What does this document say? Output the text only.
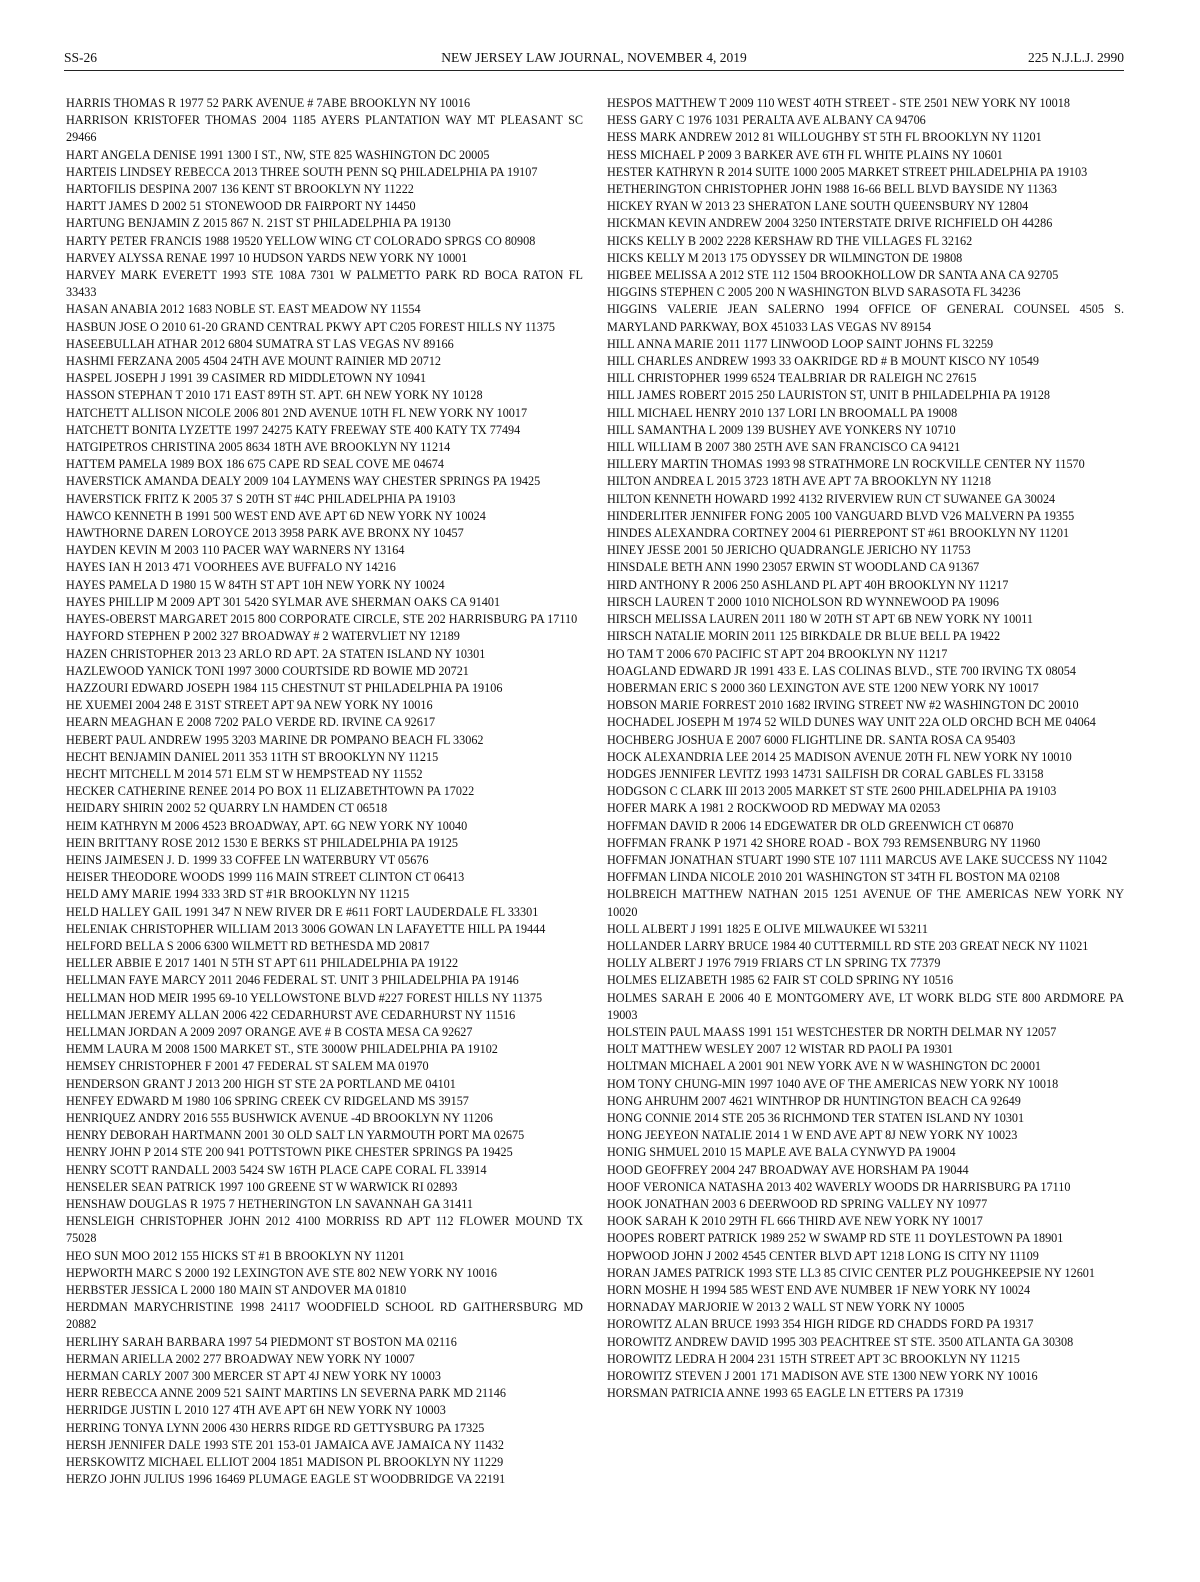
SS-26	NEW JERSEY LAW JOURNAL, NOVEMBER 4, 2019	225 N.J.L.J. 2990

HARRIS THOMAS R 1977 52 PARK AVENUE # 7ABE BROOKLYN NY 10016

HARRISON KRISTOFER THOMAS 2004 1185 AYERS PLANTATION WAY MT PLEASANT SC 29466

HART ANGELA DENISE 1991 1300 I ST., NW, STE 825 WASHINGTON DC 20005

HARTEIS LINDSEY REBECCA 2013 THREE SOUTH PENN SQ PHILADELPHIA PA 19107

HARTOFILIS DESPINA 2007 136 KENT ST BROOKLYN NY 11222

HARTT JAMES D 2002 51 STONEWOOD DR FAIRPORT NY 14450

HARTUNG BENJAMIN Z 2015 867 N. 21ST ST PHILADELPHIA PA 19130

HARTY PETER FRANCIS 1988 19520 YELLOW WING CT COLORADO SPRGS CO 80908

HARVEY ALYSSA RENAE 1997 10 HUDSON YARDS NEW YORK NY 10001

HARVEY MARK EVERETT 1993 STE 108A 7301 W PALMETTO PARK RD BOCA RATON FL 33433

HASAN ANABIA 2012 1683 NOBLE ST. EAST MEADOW NY 11554

HASBUN JOSE O 2010 61-20 GRAND CENTRAL PKWY APT C205 FOREST HILLS NY 11375

HASEEBULLAH ATHAR 2012 6804 SUMATRA ST LAS VEGAS NV 89166

HASHMI FERZANA 2005 4504 24TH AVE MOUNT RAINIER MD 20712

HASPEL JOSEPH J 1991 39 CASIMER RD MIDDLETOWN NY 10941

HASSON STEPHAN T 2010 171 EAST 89TH ST. APT. 6H NEW YORK NY 10128

HATCHETT ALLISON NICOLE 2006 801 2ND AVENUE 10TH FL NEW YORK NY 10017

HATCHETT BONITA LYZETTE 1997 24275 KATY FREEWAY STE 400 KATY TX 77494

HATGIPETROS CHRISTINA 2005 8634 18TH AVE BROOKLYN NY 11214

HATTEM PAMELA 1989 BOX 186 675 CAPE RD SEAL COVE ME 04674

HAVERSTICK AMANDA DEALY 2009 104 LAYMENS WAY CHESTER SPRINGS PA 19425

HAVERSTICK FRITZ K 2005 37 S 20TH ST #4C PHILADELPHIA PA 19103

HAWCO KENNETH B 1991 500 WEST END AVE APT 6D NEW YORK NY 10024

HAWTHORNE DAREN LOROYCE 2013 3958 PARK AVE BRONX NY 10457

HAYDEN KEVIN M 2003 110 PACER WAY WARNERS NY 13164

HAYES IAN H 2013 471 VOORHEES AVE BUFFALO NY 14216

HAYES PAMELA D 1980 15 W 84TH ST APT 10H NEW YORK NY 10024

HAYES PHILLIP M 2009 APT 301 5420 SYLMAR AVE SHERMAN OAKS CA 91401

HAYES-OBERST MARGARET 2015 800 CORPORATE CIRCLE, STE 202 HARRISBURG PA 17110

HAYFORD STEPHEN P 2002 327 BROADWAY # 2 WATERVLIET NY 12189

HAZEN CHRISTOPHER 2013 23 ARLO RD APT. 2A STATEN ISLAND NY 10301

HAZLEWOOD YANICK TONI 1997 3000 COURTSIDE RD BOWIE MD 20721

HAZZOURI EDWARD JOSEPH 1984 115 CHESTNUT ST PHILADELPHIA PA 19106

HE XUEMEI 2004 248 E 31ST STREET APT 9A NEW YORK NY 10016

HEARN MEAGHAN E 2008 7202 PALO VERDE RD. IRVINE CA 92617

HEBERT PAUL ANDREW 1995 3203 MARINE DR POMPANO BEACH FL 33062

HECHT BENJAMIN DANIEL 2011 353 11TH ST BROOKLYN NY 11215

HECHT MITCHELL M 2014 571 ELM ST W HEMPSTEAD NY 11552

HECKER CATHERINE RENEE 2014 PO BOX 11 ELIZABETHTOWN PA 17022

HEIDARY SHIRIN 2002 52 QUARRY LN HAMDEN CT 06518

HEIM KATHRYN M 2006 4523 BROADWAY, APT. 6G NEW YORK NY 10040

HEIN BRITTANY ROSE 2012 1530 E BERKS ST PHILADELPHIA PA 19125

HEINS JAIMESEN J. D. 1999 33 COFFEE LN WATERBURY VT 05676

HEISER THEODORE WOODS 1999 116 MAIN STREET CLINTON CT 06413

HELD AMY MARIE 1994 333 3RD ST #1R BROOKLYN NY 11215

HELD HALLEY GAIL 1991 347 N NEW RIVER DR E #611 FORT LAUDERDALE FL 33301

HELENIAK CHRISTOPHER WILLIAM 2013 3006 GOWAN LN LAFAYETTE HILL PA 19444

HELFORD BELLA S 2006 6300 WILMETT RD BETHESDA MD 20817

HELLER ABBIE E 2017 1401 N 5TH ST APT 611 PHILADELPHIA PA 19122

HELLMAN FAYE MARCY 2011 2046 FEDERAL ST. UNIT 3 PHILADELPHIA PA 19146

HELLMAN HOD MEIR 1995 69-10 YELLOWSTONE BLVD #227 FOREST HILLS NY 11375

HELLMAN JEREMY ALLAN 2006 422 CEDARHURST AVE CEDARHURST NY 11516

HELLMAN JORDAN A 2009 2097 ORANGE AVE # B COSTA MESA CA 92627

HEMM LAURA M 2008 1500 MARKET ST., STE 3000W PHILADELPHIA PA 19102

HEMSEY CHRISTOPHER F 2001 47 FEDERAL ST SALEM MA 01970

HENDERSON GRANT J 2013 200 HIGH ST STE 2A PORTLAND ME 04101

HENFEY EDWARD M 1980 106 SPRING CREEK CV RIDGELAND MS 39157

HENRIQUEZ ANDRY 2016 555 BUSHWICK AVENUE -4D BROOKLYN NY 11206

HENRY DEBORAH HARTMANN 2001 30 OLD SALT LN YARMOUTH PORT MA 02675

HENRY JOHN P 2014 STE 200 941 POTTSTOWN PIKE CHESTER SPRINGS PA 19425

HENRY SCOTT RANDALL 2003 5424 SW 16TH PLACE CAPE CORAL FL 33914

HENSELER SEAN PATRICK 1997 100 GREENE ST W WARWICK RI 02893

HENSHAW DOUGLAS R 1975 7 HETHERINGTON LN SAVANNAH GA 31411

HENSLEIGH CHRISTOPHER JOHN 2012 4100 MORRISS RD APT 112 FLOWER MOUND TX 75028

HEO SUN MOO 2012 155 HICKS ST #1 B BROOKLYN NY 11201

HEPWORTH MARC S 2000 192 LEXINGTON AVE STE 802 NEW YORK NY 10016

HERBSTER JESSICA L 2000 180 MAIN ST ANDOVER MA 01810

HERDMAN MARYCHRISTINE 1998 24117 WOODFIELD SCHOOL RD GAITHERSBURG MD 20882

HERLIHY SARAH BARBARA 1997 54 PIEDMONT ST BOSTON MA 02116

HERMAN ARIELLA 2002 277 BROADWAY NEW YORK NY 10007

HERMAN CARLY 2007 300 MERCER ST APT 4J NEW YORK NY 10003

HERR REBECCA ANNE 2009 521 SAINT MARTINS LN SEVERNA PARK MD 21146

HERRIDGE JUSTIN L 2010 127 4TH AVE APT 6H NEW YORK NY 10003

HERRING TONYA LYNN 2006 430 HERRS RIDGE RD GETTYSBURG PA 17325

HERSH JENNIFER DALE 1993 STE 201 153-01 JAMAICA AVE JAMAICA NY 11432

HERSKOWITZ MICHAEL ELLIOT 2004 1851 MADISON PL BROOKLYN NY 11229

HERZO JOHN JULIUS 1996 16469 PLUMAGE EAGLE ST WOODBRIDGE VA 22191

HESPOS MATTHEW T 2009 110 WEST 40TH STREET - STE 2501 NEW YORK NY 10018

HESS GARY C 1976 1031 PERALTA AVE ALBANY CA 94706

HESS MARK ANDREW 2012 81 WILLOUGHBY ST 5TH FL BROOKLYN NY 11201

HESS MICHAEL P 2009 3 BARKER AVE 6TH FL WHITE PLAINS NY 10601

HESTER KATHRYN R 2014 SUITE 1000 2005 MARKET STREET PHILADELPHIA PA 19103

HETHERINGTON CHRISTOPHER JOHN 1988 16-66 BELL BLVD BAYSIDE NY 11363

HICKEY RYAN W 2013 23 SHERATON LANE SOUTH QUEENSBURY NY 12804

HICKMAN KEVIN ANDREW 2004 3250 INTERSTATE DRIVE RICHFIELD OH 44286

HICKS KELLY B 2002 2228 KERSHAW RD THE VILLAGES FL 32162

HICKS KELLY M 2013 175 ODYSSEY DR WILMINGTON DE 19808

HIGBEE MELISSA A 2012 STE 112 1504 BROOKHOLLOW DR SANTA ANA CA 92705

HIGGINS STEPHEN C 2005 200 N WASHINGTON BLVD SARASOTA FL 34236

HIGGINS VALERIE JEAN SALERNO 1994 OFFICE OF GENERAL COUNSEL 4505 S. MARYLAND PARKWAY, BOX 451033 LAS VEGAS NV 89154

HILL ANNA MARIE 2011 1177 LINWOOD LOOP SAINT JOHNS FL 32259

HILL CHARLES ANDREW 1993 33 OAKRIDGE RD # B MOUNT KISCO NY 10549

HILL CHRISTOPHER 1999 6524 TEALBRIAR DR RALEIGH NC 27615

HILL JAMES ROBERT 2015 250 LAURISTON ST, UNIT B PHILADELPHIA PA 19128

HILL MICHAEL HENRY 2010 137 LORI LN BROOMALL PA 19008

HILL SAMANTHA L 2009 139 BUSHEY AVE YONKERS NY 10710

HILL WILLIAM B 2007 380 25TH AVE SAN FRANCISCO CA 94121

HILLERY MARTIN THOMAS 1993 98 STRATHMORE LN ROCKVILLE CENTER NY 11570

HILTON ANDREA L 2015 3723 18TH AVE APT 7A BROOKLYN NY 11218

HILTON KENNETH HOWARD 1992 4132 RIVERVIEW RUN CT SUWANEE GA 30024

HINDERLITER JENNIFER FONG 2005 100 VANGUARD BLVD V26 MALVERN PA 19355

HINDES ALEXANDRA CORTNEY 2004 61 PIERREPONT ST #61 BROOKLYN NY 11201

HINEY JESSE 2001 50 JERICHO QUADRANGLE JERICHO NY 11753

HINSDALE BETH ANN 1990 23057 ERWIN ST WOODLAND CA 91367

HIRD ANTHONY R 2006 250 ASHLAND PL APT 40H BROOKLYN NY 11217

HIRSCH LAUREN T 2000 1010 NICHOLSON RD WYNNEWOOD PA 19096

HIRSCH MELISSA LAUREN 2011 180 W 20TH ST APT 6B NEW YORK NY 10011

HIRSCH NATALIE MORIN 2011 125 BIRKDALE DR BLUE BELL PA 19422

HO TAM T 2006 670 PACIFIC ST APT 204 BROOKLYN NY 11217

HOAGLAND EDWARD JR 1991 433 E. LAS COLINAS BLVD., STE 700 IRVING TX 08054

HOBERMAN ERIC S 2000 360 LEXINGTON AVE STE 1200 NEW YORK NY 10017

HOBSON MARIE FORREST 2010 1682 IRVING STREET NW #2 WASHINGTON DC 20010

HOCHADEL JOSEPH M 1974 52 WILD DUNES WAY UNIT 22A OLD ORCHD BCH ME 04064

HOCHBERG JOSHUA E 2007 6000 FLIGHTLINE DR. SANTA ROSA CA 95403

HOCK ALEXANDRIA LEE 2014 25 MADISON AVENUE 20TH FL NEW YORK NY 10010

HODGES JENNIFER LEVITZ 1993 14731 SAILFISH DR CORAL GABLES FL 33158

HODGSON C CLARK III 2013 2005 MARKET ST STE 2600 PHILADELPHIA PA 19103

HOFER MARK A 1981 2 ROCKWOOD RD MEDWAY MA 02053

HOFFMAN DAVID R 2006 14 EDGEWATER DR OLD GREENWICH CT 06870

HOFFMAN FRANK P 1971 42 SHORE ROAD - BOX 793 REMSENBURG NY 11960

HOFFMAN JONATHAN STUART 1990 STE 107 1111 MARCUS AVE LAKE SUCCESS NY 11042

HOFFMAN LINDA NICOLE 2010 201 WASHINGTON ST 34TH FL BOSTON MA 02108

HOLBREICH MATTHEW NATHAN 2015 1251 AVENUE OF THE AMERICAS NEW YORK NY 10020

HOLL ALBERT J 1991 1825 E OLIVE MILWAUKEE WI 53211

HOLLANDER LARRY BRUCE 1984 40 CUTTERMILL RD STE 203 GREAT NECK NY 11021

HOLLY ALBERT J 1976 7919 FRIARS CT LN SPRING TX 77379

HOLMES ELIZABETH 1985 62 FAIR ST COLD SPRING NY 10516

HOLMES SARAH E 2006 40 E MONTGOMERY AVE, LT WORK BLDG STE 800 ARDMORE PA 19003

HOLSTEIN PAUL MAASS 1991 151 WESTCHESTER DR NORTH DELMAR NY 12057

HOLT MATTHEW WESLEY 2007 12 WISTAR RD PAOLI PA 19301

HOLTMAN MICHAEL A 2001 901 NEW YORK AVE N W WASHINGTON DC 20001

HOM TONY CHUNG-MIN 1997 1040 AVE OF THE AMERICAS NEW YORK NY 10018

HONG AHRUHM 2007 4621 WINTHROP DR HUNTINGTON BEACH CA 92649

HONG CONNIE 2014 STE 205 36 RICHMOND TER STATEN ISLAND NY 10301

HONG JEEYEON NATALIE 2014 1 W END AVE APT 8J NEW YORK NY 10023

HONIG SHMUEL 2010 15 MAPLE AVE BALA CYNWYD PA 19004

HOOD GEOFFREY 2004 247 BROADWAY AVE HORSHAM PA 19044

HOOF VERONICA NATASHA 2013 402 WAVERLY WOODS DR HARRISBURG PA 17110

HOOK JONATHAN 2003 6 DEERWOOD RD SPRING VALLEY NY 10977

HOOK SARAH K 2010 29TH FL 666 THIRD AVE NEW YORK NY 10017

HOOPES ROBERT PATRICK 1989 252 W SWAMP RD STE 11 DOYLESTOWN PA 18901

HOPWOOD JOHN J 2002 4545 CENTER BLVD APT 1218 LONG IS CITY NY 11109

HORAN JAMES PATRICK 1993 STE LL3 85 CIVIC CENTER PLZ POUGHKEEPSIE NY 12601

HORN MOSHE H 1994 585 WEST END AVE NUMBER 1F NEW YORK NY 10024

HORNADAY MARJORIE W 2013 2 WALL ST NEW YORK NY 10005

HOROWITZ ALAN BRUCE 1993 354 HIGH RIDGE RD CHADDS FORD PA 19317

HOROWITZ ANDREW DAVID 1995 303 PEACHTREE ST STE. 3500 ATLANTA GA 30308

HOROWITZ LEDRA H 2004 231 15TH STREET APT 3C BROOKLYN NY 11215

HOROWITZ STEVEN J 2001 171 MADISON AVE STE 1300 NEW YORK NY 10016

HORSMAN PATRICIA ANNE 1993 65 EAGLE LN ETTERS PA 17319
